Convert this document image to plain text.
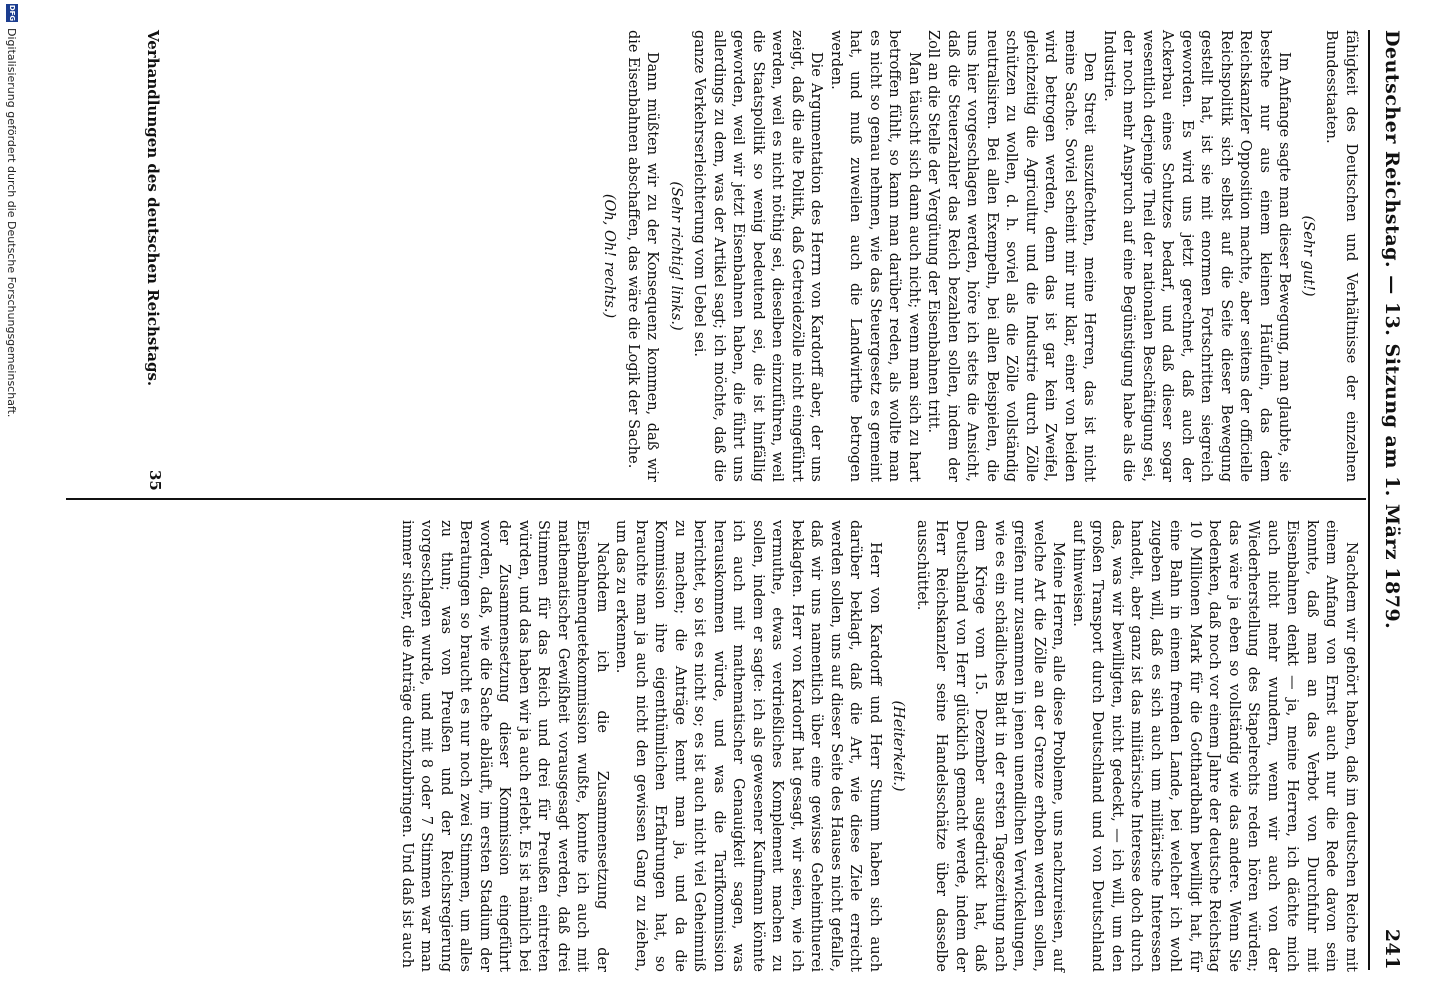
Deutscher Reichstag. — 13. Sitzung am 1. März 1879.
241

fähigkeit des Deutschen und Verhältnisse der einzelnen Bundesstaaten.

(Sehr gut!)

Im Anfange sagte man dieser Bewegung, man glaubte, sie bestehe nur aus einem kleinen Häuflein, das dem Reichskanzler Opposition machte, aber seitens der officielle Reichspolitik sich selbst auf die Seite dieser Bewegung gestellt hat, ist sie mit enormen Fortschritten siegreich geworden. Es wird uns jetzt gerechnet, daß auch der Ackerbau eines Schutzes bedarf, und daß dieser sogar wesentlich derjenige Theil der nationalen Beschäftigung sei, der noch mehr Anspruch auf eine Begünstigung habe als die Industrie.

Den Streit auszufechten, meine Herren, das ist nicht meine Sache. Soviel scheint mir nur klar, einer von beiden wird betrogen werden, denn das ist gar kein Zweifel, gleichzeitig die Agricultur und die Industrie durch Zölle schützen zu wollen, d. h. soviel als die Zölle vollständig neutralisiren. Bei allen Exempeln, bei allen Beispielen, die uns hier vorgeschlagen werden, höre ich stets die Ansicht, daß die Steuerzahler das Reich bezahlen sollen, indem der Zoll an die Stelle der Vergütung der Eisenbahnen tritt.

Man täuscht sich dann auch nicht; wenn man sich zu hart betroffen fühlt, so kann man darüber reden, als wollte man es nicht so genau nehmen, wie das Steuergesetz es gemeint hat, und muß zuweilen auch die Landwirthe betrogen werden.

Die Argumentation des Herrn von Kardorff aber, der uns zeigt, daß die alte Politik, daß Getreidezölle nicht eingeführt werden, weil es nicht nöthig sei, dieselben einzuführen, weil die Staatspolitik so wenig bedeutend sei, die ist hinfällig geworden, weil wir jetzt Eisenbahnen haben, die führt uns allerdings zu dem, was der Artikel sagt; ich möchte, daß die ganze Verkehrserleichterung vom Uebel sei.

(Sehr richtig! links.)

Dann müßten wir zu der Konsequenz kommen, daß wir die Eisenbahnen abschaffen, das wäre die Logik der Sache.

(Oh, Oh! rechts.)

Nachdem wir gehört haben, daß im deutschen Reiche mit einem Anfang von Ernst auch nur die Rede davon sein konnte, daß man an das Verbot von Durchfuhr mit Eisenbahnen denkt — ja, meine Herren, ich dächte mich auch nicht mehr wundern, wenn wir auch von der Wiederherstellung des Stapelrechts reden hören würden; das wäre ja eben so vollständig wie das andere. Wenn Sie bedenken, daß noch vor einem Jahre der deutsche Reichstag 10 Millionen Mark für die Gotthardbahn bewilligt hat, für eine Bahn in einem fremden Lande, bei welcher ich wohl zugeben will, daß es sich auch um militärische Interessen handelt, aber ganz ist das militärische Interesse doch durch das, was wir bewilligten, nicht gedeckt, — ich will, um den großen Transport durch Deutschland und von Deutschland auf hinweisen.

Meine Herren, alle diese Probleme, uns nachzureisen, auf welche Art die Zölle an der Grenze erhoben werden sollen, greifen nur zusammen in jenen unendlichen Verwickelungen, wie es ein schädliches Blatt in der ersten Tageszeitung nach dem Kriege vom 15. Dezember ausgedrückt hat, daß Deutschland von Herr glücklich gemacht werde, indem der Herr Reichskanzler seine Handelsschätze über dasselbe ausschüttet.

(Heiterkeit.)

Herr von Kardorff und Herr Stumm haben sich auch darüber beklagt, daß die Art, wie diese Ziele erreicht werden sollen, uns auf dieser Seite des Hauses nicht gefalle, daß wir uns namentlich über eine gewisse Geheimthuerei beklagten. Herr von Kardorff hat gesagt, wir seien, wie ich vermuthe, etwas verdrießliches Komplement machen zu sollen, indem er sagte: ich als gewesener Kaufmann könnte ich auch mit mathematischer Genauigkeit sagen, was herauskommen würde, und was die Tarifkommission berichtet, so ist es nicht so; es ist auch nicht viel Geheimniß zu machen; die Anträge kennt man ja, und da die Kommission ihre eigenthümlichen Erfahrungen hat, so brauchte man ja auch nicht den gewissen Gang zu ziehen, um das zu erkennen.

Nachdem ich die Zusammensetzung der Eisenbahnenquetekommission wußte, konnte ich auch mit mathematischer Gewißheit vorausgesagt werden, daß drei Stimmen für das Reich und drei für Preußen eintreten würden, und das haben wir ja auch erlebt. Es ist nämlich bei der Zusammensetzung dieser Kommission eingeführt worden, daß, wie die Sache abläuft, im ersten Stadium der Beratungen so braucht es nur noch zwei Stimmen, um alles zu thun; was von Preußen und der Reichsregierung vorgeschlagen wurde, und mit 8 oder 7 Stimmen war man immer sicher, die Anträge durchzubringen. Und daß ist auch

Verhandlungen des deutschen Reichstags.
35
DFG
Digitalisierung gefördert durch die Deutsche Forschungsgemeinschaft.
